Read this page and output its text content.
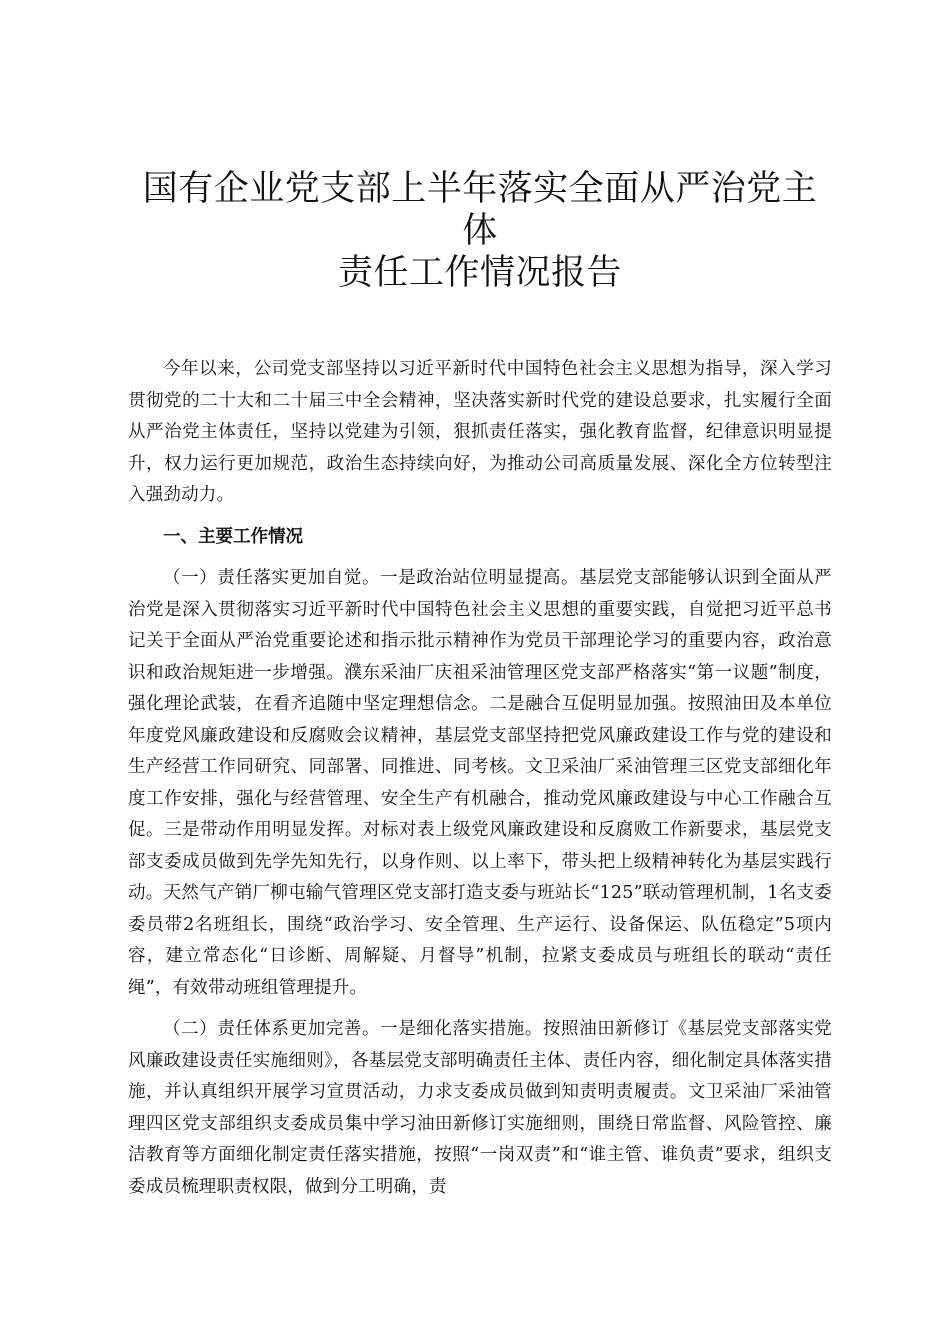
国有企业党支部上半年落实全面从严治党主体
责任工作情况报告

今年以来，公司党支部坚持以习近平新时代中国特色社会主义思想为指导，深入学习贯彻党的二十大和二十届三中全会精神，坚决落实新时代党的建设总要求，扎实履行全面从严治党主体责任，坚持以党建为引领，狠抓责任落实，强化教育监督，纪律意识明显提升，权力运行更加规范，政治生态持续向好，为推动公司高质量发展、深化全方位转型注入强劲动力。

一、主要工作情况

（一）责任落实更加自觉。一是政治站位明显提高。基层党支部能够认识到全面从严治党是深入贯彻落实习近平新时代中国特色社会主义思想的重要实践，自觉把习近平总书记关于全面从严治党重要论述和指示批示精神作为党员干部理论学习的重要内容，政治意识和政治规矩进一步增强。濮东采油厂庆祖采油管理区党支部严格落实“第一议题”制度，强化理论武装，在看齐追随中坚定理想信念。二是融合互促明显加强。按照油田及本单位年度党风廉政建设和反腐败会议精神，基层党支部坚持把党风廉政建设工作与党的建设和生产经营工作同研究、同部署、同推进、同考核。文卫采油厂采油管理三区党支部细化年度工作安排，强化与经营管理、安全生产有机融合，推动党风廉政建设与中心工作融合互促。三是带动作用明显发挥。对标对表上级党风廉政建设和反腐败工作新要求，基层党支部支委成员做到先学先知先行，以身作则、以上率下，带头把上级精神转化为基层实践行动。天然气产销厂柳屯输气管理区党支部打造支委与班站长“125”联动管理机制，1名支委委员带2名班组长，围绕“政治学习、安全管理、生产运行、设备保运、队伍稳定”5项内容，建立常态化“日诊断、周解疑、月督导”机制，拉紧支委成员与班组长的联动“责任绳”，有效带动班组管理提升。

（二）责任体系更加完善。一是细化落实措施。按照油田新修订《基层党支部落实党风廉政建设责任实施细则》，各基层党支部明确责任主体、责任内容，细化制定具体落实措施，并认真组织开展学习宣贯活动，力求支委成员做到知责明责履责。文卫采油厂采油管理四区党支部组织支委成员集中学习油田新修订实施细则，围绕日常监督、风险管控、廉洁教育等方面细化制定责任落实措施，按照“一岗双责”和“谁主管、谁负责”要求，组织支委成员梳理职责权限，做到分工明确，责
